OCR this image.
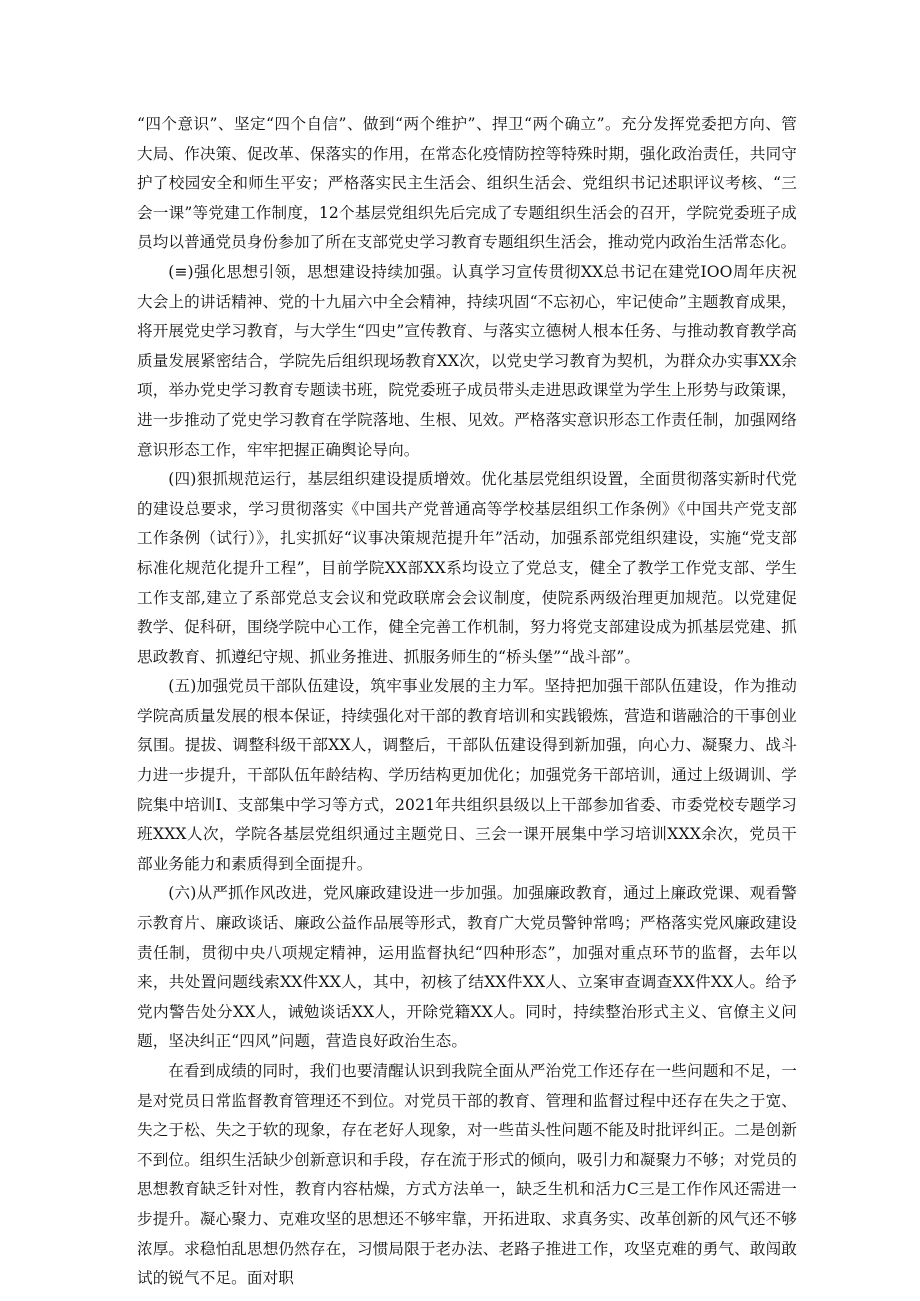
“四个意识”、坚定“四个自信”、做到“两个维护”、捍卫“两个确立”。充分发挥党委把方向、管大局、作决策、促改革、保落实的作用，在常态化疫情防控等特殊时期，强化政治责任，共同守护了校园安全和师生平安；严格落实民主生活会、组织生活会、党组织书记述职评议考核、“三会一课”等党建工作制度，12个基层党组织先后完成了专题组织生活会的召开，学院党委班子成员均以普通党员身份参加了所在支部党史学习教育专题组织生活会，推动党内政治生活常态化。

(≡)强化思想引领，思想建设持续加强。认真学习宣传贯彻XX总书记在建党IOO周年庆祝大会上的讲话精神、党的十九届六中全会精神，持续巩固“不忘初心，牢记使命”主题教育成果，将开展党史学习教育，与大学生“四史”宣传教育、与落实立德树人根本任务、与推动教育教学高质量发展紧密结合，学院先后组织现场教育XX次，以党史学习教育为契机，为群众办实事XX余项，举办党史学习教育专题读书班，院党委班子成员带头走进思政课堂为学生上形势与政策课，进一步推动了党史学习教育在学院落地、生根、见效。严格落实意识形态工作责任制，加强网络意识形态工作，牢牢把握正确舆论导向。

(四)狠抓规范运行，基层组织建设提质增效。优化基层党组织设置，全面贯彻落实新时代党的建设总要求，学习贯彻落实《中国共产党普通高等学校基层组织工作条例》《中国共产党支部工作条例（试行）》，扎实抓好“议事决策规范提升年”活动，加强系部党组织建设，实施“党支部标准化规范化提升工程”，目前学院XX部XX系均设立了党总支，健全了教学工作党支部、学生工作支部,建立了系部党总支会议和党政联席会会议制度，使院系两级治理更加规范。以党建促教学、促科研，围绕学院中心工作，健全完善工作机制，努力将党支部建设成为抓基层党建、抓思政教育、抓遵纪守规、抓业务推进、抓服务师生的“桥头堡”“战斗部”。

(五)加强党员干部队伍建设，筑牢事业发展的主力军。坚持把加强干部队伍建设，作为推动学院高质量发展的根本保证，持续强化对干部的教育培训和实践锻炼，营造和谐融洽的干事创业氛围。提拔、调整科级干部XX人，调整后，干部队伍建设得到新加强，向心力、凝聚力、战斗力进一步提升，干部队伍年龄结构、学历结构更加优化；加强党务干部培训，通过上级调训、学院集中培训I、支部集中学习等方式，2021年共组织县级以上干部参加省委、市委党校专题学习班XXX人次，学院各基层党组织通过主题党日、三会一课开展集中学习培训XXX余次，党员干部业务能力和素质得到全面提升。

(六)从严抓作风改进，党风廉政建设进一步加强。加强廉政教育，通过上廉政党课、观看警示教育片、廉政谈话、廉政公益作品展等形式，教育广大党员警钟常鸣；严格落实党风廉政建设责任制，贯彻中央八项规定精神，运用监督执纪“四种形态”，加强对重点环节的监督，去年以来，共处置问题线索XX件XX人，其中，初核了结XX件XX人、立案审查调查XX件XX人。给予党内警告处分XX人，诫勉谈话XX人，开除党籍XX人。同时，持续整治形式主义、官僚主义问题，坚决纠正“四风”问题，营造良好政治生态。

在看到成绩的同时，我们也要清醒认识到我院全面从严治党工作还存在一些问题和不足，一是对党员日常监督教育管理还不到位。对党员干部的教育、管理和监督过程中还存在失之于宽、失之于松、失之于软的现象，存在老好人现象，对一些苗头性问题不能及时批评纠正。二是创新不到位。组织生活缺少创新意识和手段，存在流于形式的倾向，吸引力和凝聚力不够；对党员的思想教育缺乏针对性，教育内容枯燥，方式方法单一，缺乏生机和活力C三是工作作风还需进一步提升。凝心聚力、克难攻坚的思想还不够牢靠，开拓进取、求真务实、改革创新的风气还不够浓厚。求稳怕乱思想仍然存在，习惯局限于老办法、老路子推进工作，攻坚克难的勇气、敢闯敢试的锐气不足。面对职
